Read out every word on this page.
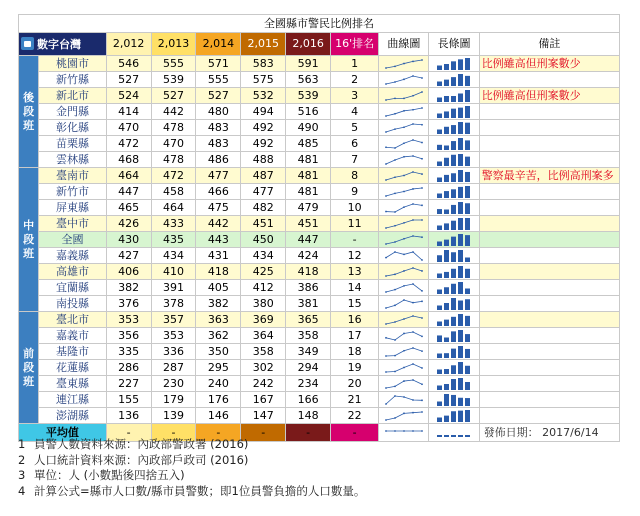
全國縣市警民比例排名										
數字台灣		2,012	2,013	2,014	2,015	2,016	16'排名	曲線圖	長條圖	備註
後段班	桃園市	546	555	571	583	591	1			比例雖高但刑案數少
	新竹縣	527	539	555	575	563	2	

	新北市	524	527	527	532	539	3			比例雖高但刑案數少
	金門縣	414	442	480	494	516	4	

	彰化縣	470	478	483	492	490	5	

	苗栗縣	472	470	483	492	485	6	

	雲林縣	468	478	486	488	481	7	

中段班	臺南市	464	472	477	487	481	8			警察最辛苦，比例高刑案多
	新竹市	447	458	466	477	481	9	

	屏東縣	465	464	475	482	479	10	

	臺中市	426	433	442	451	451	11	

	全國	430	435	443	450	447	-	

	嘉義縣	427	434	431	434	424	12	

	高雄市	406	410	418	425	418	13	

	宜蘭縣	382	391	405	412	386	14	

	南投縣	376	378	382	380	381	15	

前段班	臺北市	353	357	363	369	365	16	

	嘉義市	356	353	362	364	358	17	

	基隆市	335	336	350	358	349	18	

	花蓮縣	286	287	295	302	294	19	

	臺東縣	227	230	240	242	234	20	

	連江縣	155	179	176	167	166	21	

	澎湖縣	136	139	146	147	148	22	

平均值		-	-	-	-	-	-			發佈日期： 2017/6/14
1 員警人數資料來源：內政部警政署 (2016)
2 人口統計資料來源：內政部戶政司 (2016)
3 單位：人 (小數點後四捨五入)
4 計算公式=縣市人口數/縣市員警數；即1位員警負擔的人口數量。
